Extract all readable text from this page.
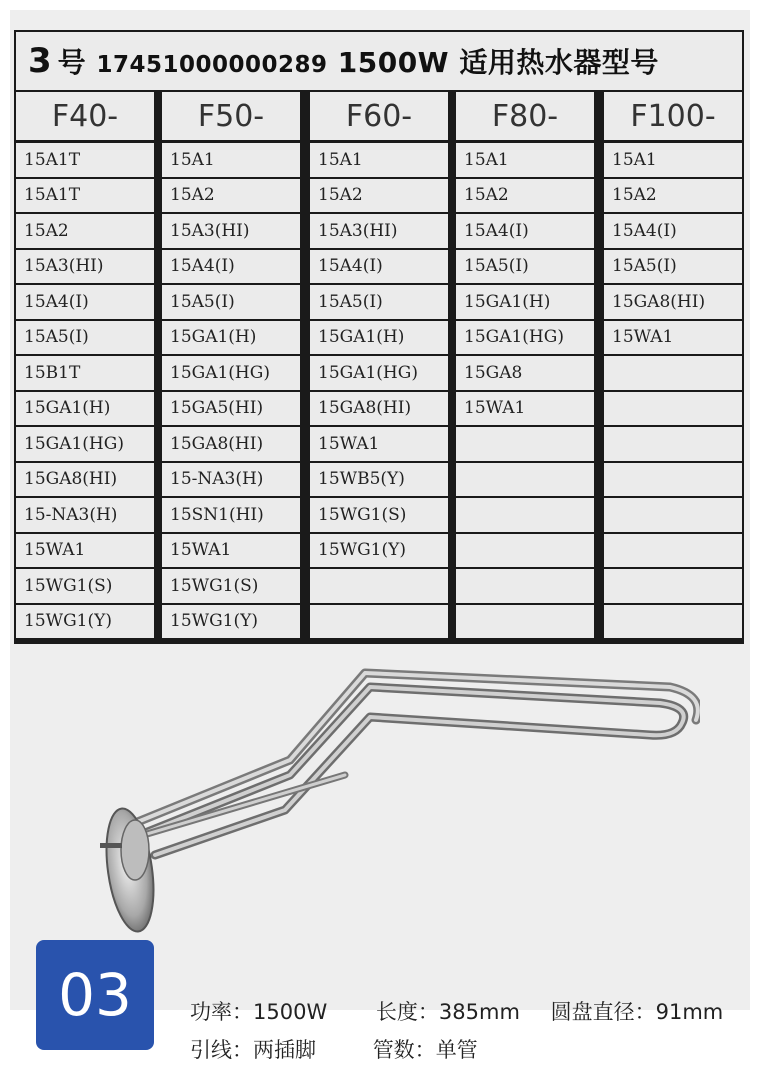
3 号 17451000000289 1500W 适用热水器型号
F40-
15A1T
15A1T
15A2
15A3(HI)
15A4(I)
15A5(I)
15B1T
15GA1(H)
15GA1(HG)
15GA8(HI)
15-NA3(H)
15WA1
15WG1(S)
15WG1(Y)
F50-
15A1
15A2
15A3(HI)
15A4(I)
15A5(I)
15GA1(H)
15GA1(HG)
15GA5(HI)
15GA8(HI)
15-NA3(H)
15SN1(HI)
15WA1
15WG1(S)
15WG1(Y)
F60-
15A1
15A2
15A3(HI)
15A4(I)
15A5(I)
15GA1(H)
15GA1(HG)
15GA8(HI)
15WA1
15WB5(Y)
15WG1(S)
15WG1(Y)
F80-
15A1
15A2
15A4(I)
15A5(I)
15GA1(H)
15GA1(HG)
15GA8
15WA1
F100-
15A1
15A2
15A4(I)
15A5(I)
15GA8(HI)
15WA1
03	功率：1500W 长度：385mm 圆盘直径：91mm
引线：两插脚	管数：单管
